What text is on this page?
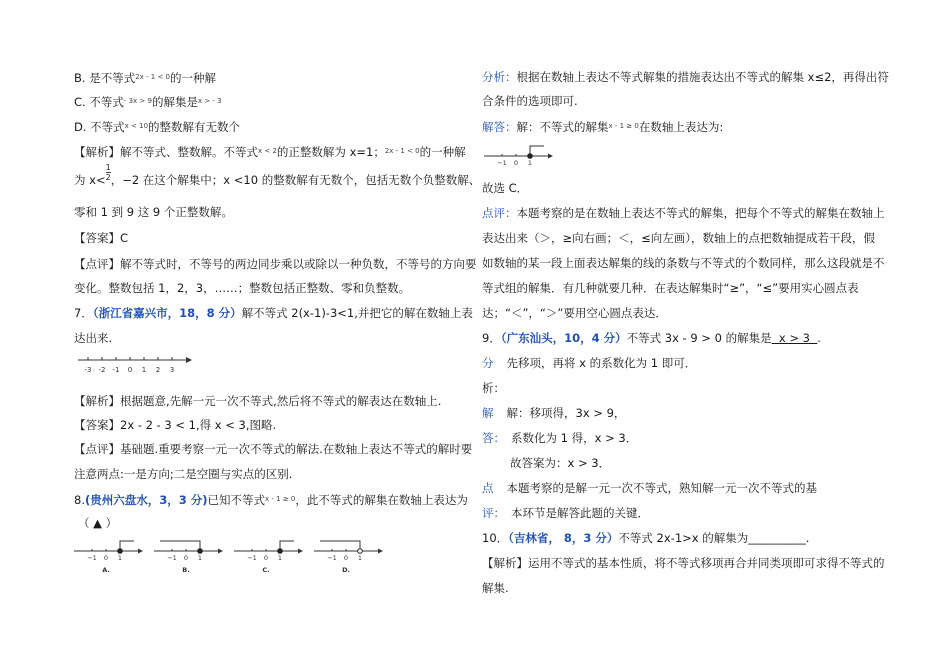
B. 是不等式$^{2x - 1 < 0}$的一种解
C. 不等式$^{- 3x > 9}$的解集是$^{x > - 3}$
D. 不等式$^{x < 10}$的整数解有无数个
【解析】解不等式、整数解。不等式$^{x < 2}$的正整数解为 x=1；$^{2x - 1 < 0}$的一种解
为 $x< \frac{1}{2}$ ，−2 在这个解集中；x <10 的整数解有无数个，包括无数个负整数解、
零和 1 到 9 这 9 个正整数解。
【答案】C
【点评】解不等式时，不等号的两边同步乘以或除以一种负数，不等号的方向要
变化。整数包括 1，2，3，……；整数包括正整数、零和负整数。
7．（浙江省嘉兴市，18，8 分）解不等式 2(x-1)-3<1,并把它的解在数轴上表
达出来.
-3 -2 -1 0 1 2 3
【解析】根据题意,先解一元一次不等式,然后将不等式的解表达在数轴上.
【答案】2x - 2 - 3 < 1,得 x < 3,图略.
【点评】基础题.重要考察一元一次不等式的解法.在数轴上表达不等式的解时要
注意两点:一是方向;二是空圈与实点的区别.
8.(贵州六盘水，3，3 分)已知不等式$^{x - 1 \ge 0}$，此不等式的解集在数轴上表达为
（ ▲ ）
−1 0 1
A.
−1 0 1
B.
−1 0 1
C.
−1 0 1
D.
分析：根据在数轴上表达不等式解集的措施表达出不等式的解集 x≤2，再得出符
合条件的选项即可.
解答：解：不等式的解集$^{x - 1 \ge 0}$在数轴上表达为:
−1 0 1
故选 C．
点评：本题考察的是在数轴上表达不等式的解集，把每个不等式的解集在数轴上
表达出来（＞，≥向右画；＜，≤向左画），数轴上的点把数轴提成若干段，假
如数轴的某一段上面表达解集的线的条数与不等式的个数同样，那么这段就是不
等式组的解集．有几种就要几种．在表达解集时“≥”，“≤”要用实心圆点表
达；“＜”，“＞”要用空心圆点表达．
9．（广东汕头，10，4 分）不等式 3x - 9 > 0 的解集是  x > 3  .
分 先移项，再将 x 的系数化为 1 即可．
析：
解 解：移项得，3x > 9，
答： 系数化为 1 得，x > 3．
故答案为：x > 3．
点 本题考察的是解一元一次不等式，熟知解一元一次不等式的基
评： 本环节是解答此题的关键．
10．（吉林省， 8，3 分）不等式 2x-1>x 的解集为__________.
【解析】运用不等式的基本性质，将不等式移项再合并同类项即可求得不等式的
解集.
